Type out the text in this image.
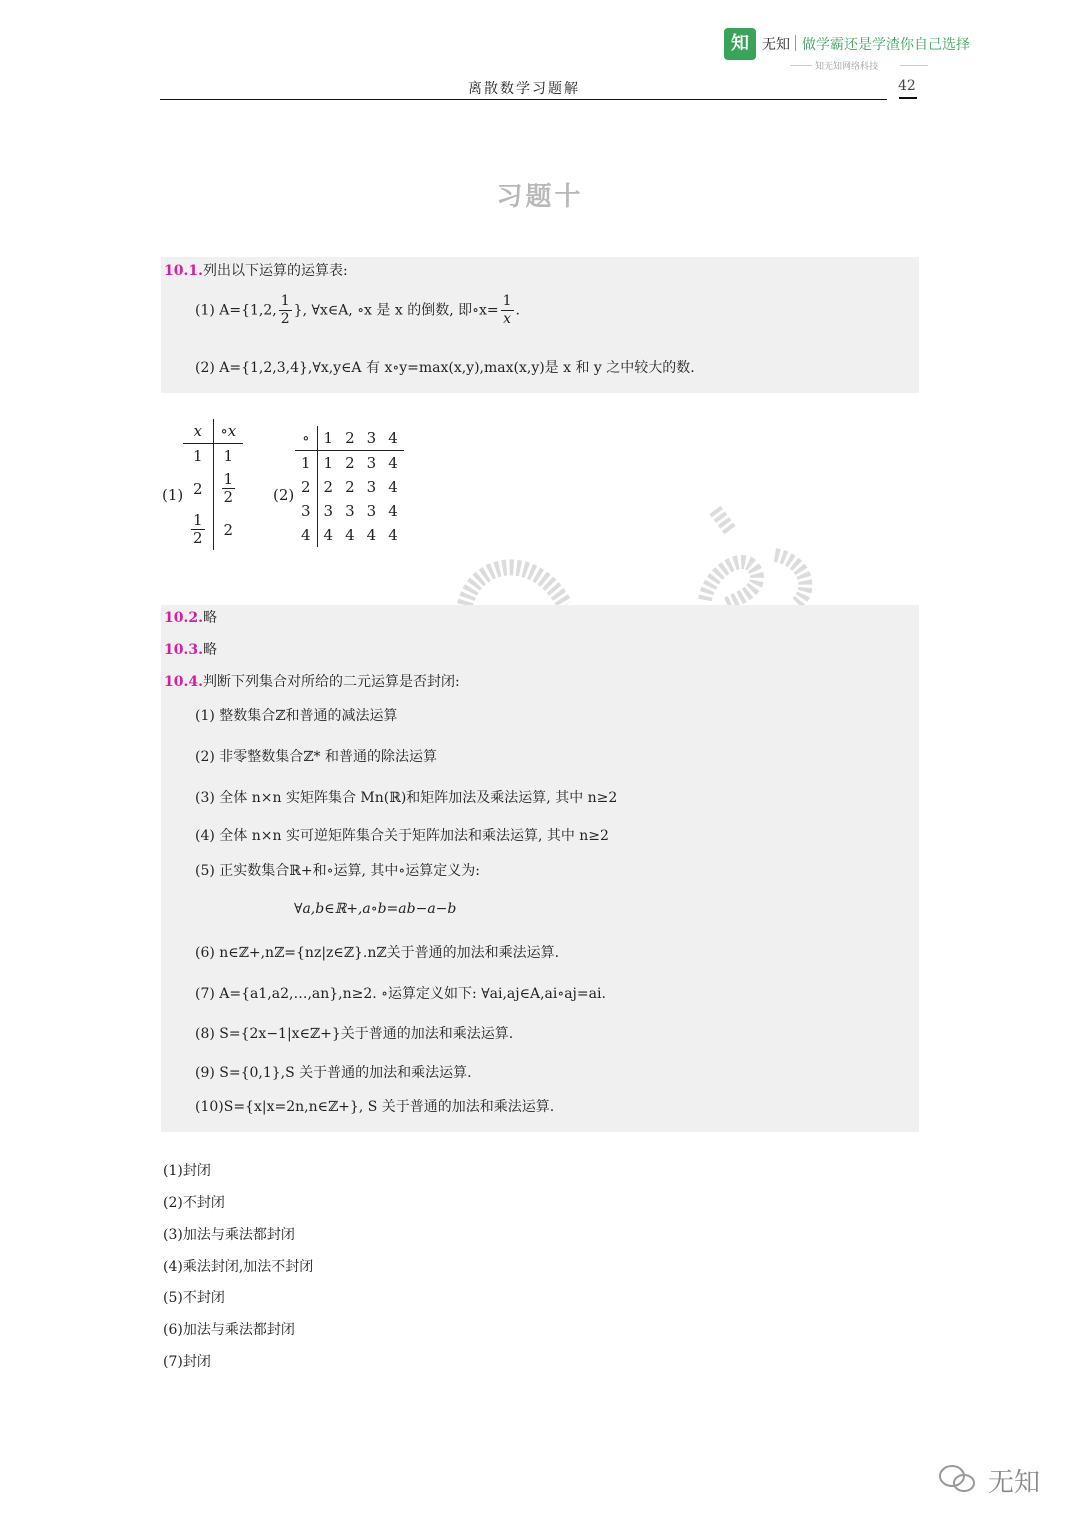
知 无知 做学霸还是学渣你自己选择
知无知网络科技
离散数学习题解	42
习题十
10.1.列出以下运算的运算表:
(1) A={1,2, $\frac{1}{2}$ }, ∀x∈A, ∘x 是 x 的倒数, 即∘x= $\frac{1}{x}$ .
(2) A={1,2,3,4},∀x,y∈A 有 x∘y=max(x,y),max(x,y)是 x 和 y 之中较大的数.
(1)
x	∘x
1	1
2	$\frac{1}{2}$

$\frac{1}{2}$	2
(2)
∘	1	2	3	4
1	1	2	3	4
2	2	2	3	4
3	3	3	3	4
4	4	4	4	4
10.2.略
10.3.略
10.4.判断下列集合对所给的二元运算是否封闭:
(1) 整数集合ℤ和普通的减法运算
(2) 非零整数集合ℤ* 和普通的除法运算
(3) 全体 n×n 实矩阵集合 Mn(ℝ)和矩阵加法及乘法运算, 其中 n≥2
(4) 全体 n×n 实可逆矩阵集合关于矩阵加法和乘法运算, 其中 n≥2
(5) 正实数集合ℝ+和∘运算, 其中∘运算定义为:
∀a,b∈ℝ+,a∘b=ab−a−b
(6) n∈ℤ+,nℤ={nz|z∈ℤ}.nℤ关于普通的加法和乘法运算.
(7) A={a1,a2,…,an},n≥2. ∘运算定义如下: ∀ai,aj∈A,ai∘aj=ai.
(8) S={2x−1|x∈ℤ+}关于普通的加法和乘法运算.
(9) S={0,1},S 关于普通的加法和乘法运算.
(10)S={x|x=2n,n∈ℤ+}, S 关于普通的加法和乘法运算.
(1)封闭
(2)不封闭
(3)加法与乘法都封闭
(4)乘法封闭,加法不封闭
(5)不封闭
(6)加法与乘法都封闭
(7)封闭
无知
